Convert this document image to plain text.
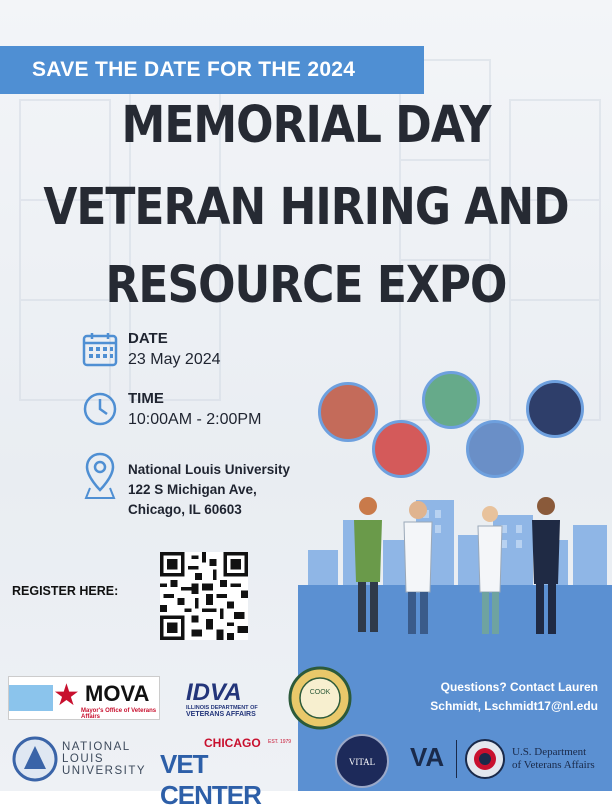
SAVE THE DATE FOR THE 2024
MEMORIAL DAY
VETERAN HIRING AND
RESOURCE EXPO
DATE
23 May 2024
TIME
10:00AM - 2:00PM
National Louis University
122 S Michigan Ave,
Chicago, IL 60603
REGISTER HERE:
Questions? Contact Lauren Schmidt, Lschmidt17@nl.edu
★ MOVA
Mayor's Office of Veterans Affairs
IDVA
ILLINOIS DEPARTMENT OF
VETERANS AFFAIRS
COOK
NATIONAL
LOUIS
UNIVERSITY
CHICAGO
VET CENTER
EST. 1979
VITAL VA	U.S. Department
of Veterans Affairs
